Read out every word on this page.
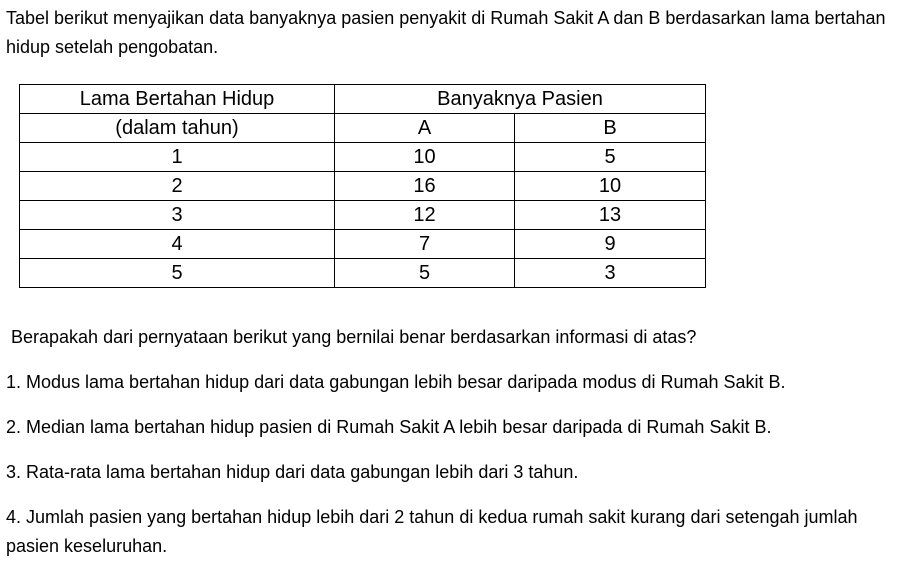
Tabel berikut menyajikan data banyaknya pasien penyakit di Rumah Sakit A dan B berdasarkan lama bertahan hidup setelah pengobatan.

Lama Bertahan Hidup	Banyaknya Pasien	
(dalam tahun)	A	B
1	10	5
2	16	10
3	12	13
4	7	9
5	5	3

Berapakah dari pernyataan berikut yang bernilai benar berdasarkan informasi di atas?

1. Modus lama bertahan hidup dari data gabungan lebih besar daripada modus di Rumah Sakit B.
2. Median lama bertahan hidup pasien di Rumah Sakit A lebih besar daripada di Rumah Sakit B.
3. Rata-rata lama bertahan hidup dari data gabungan lebih dari 3 tahun.
4. Jumlah pasien yang bertahan hidup lebih dari 2 tahun di kedua rumah sakit kurang dari setengah jumlah pasien keseluruhan.
